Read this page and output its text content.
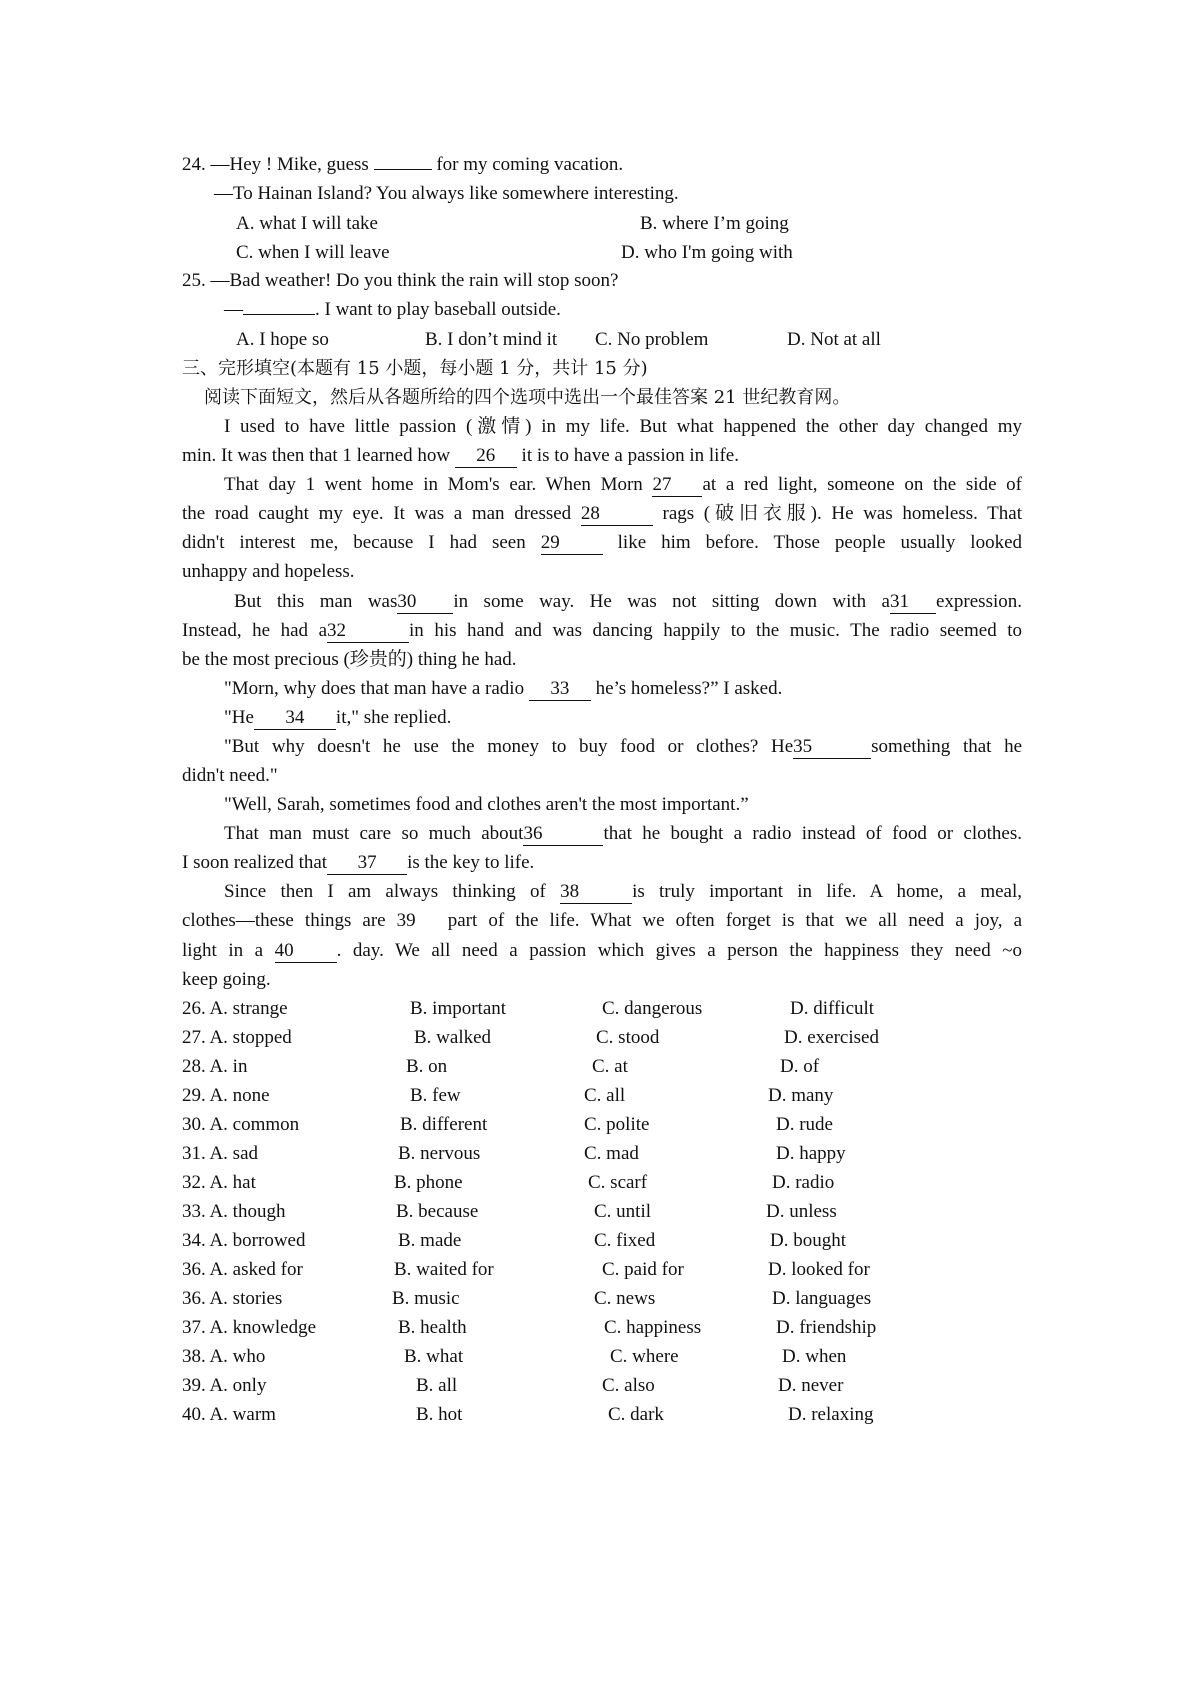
24. —Hey ! Mike, guess	for my coming vacation.
—To Hainan Island? You always like somewhere interesting.
A. what I will take	B. where I’m going
C. when I will leave	D. who I'm going with
25. —Bad weather! Do you think the rain will stop soon?
—	. I want to play baseball outside.
A. I hope so	B. I don’t mind it C. No problem	D. Not at all
三、完形填空(本题有 15 小题，每小题 1 分，共计 15 分)
阅读下面短文，然后从各题所给的四个选项中选出一个最佳答案 21 世纪教育网。
I used to have little passion (激情) in my life. But what happened the other day changed my
min. It was then that 1 learned how 26 it is to have a passion in life.
That day 1 went home in Mom's ear. When Morn 27 at a red light, someone on the side of
the road caught my eye. It was a man dressed 28	rags (破旧衣服). He was homeless. That
didn't interest me, because I had seen 29 like him before. Those people usually looked
unhappy and hopeless.
But this man was30 in some way. He was not sitting down with a31 expression.
Instead, he had a32	in his hand and was dancing happily to the music. The radio seemed to
be the most precious (珍贵的) thing he had.
"Morn, why does that man have a radio 33 he’s homeless?” I asked.
"He 34 it," she replied.
"But why doesn't he use the money to buy food or clothes? He35	something that he
didn't need."
"Well, Sarah, sometimes food and clothes aren't the most important.”
That man must care so much about36	that he bought a radio instead of food or clothes.
I soon realized that 37 is the key to life.
Since then I am always thinking of 38	is truly important in life. A home, a meal,
clothes—these things are 39 part of the life. What we often forget is that we all need a joy, a
light in a 40 . day. We all need a passion which gives a person the happiness they need ~o
keep going.
26. A. strange	B. important	C. dangerous	D. difficult
27. A. stopped	B. walked	C. stood	D. exercised
28. A. in	B. on	C. at	D. of
29. A. none	B. few	C. all	D. many
30. A. common	B. different	C. polite	D. rude
31. A. sad	B. nervous	C. mad	D. happy
32. A. hat	B. phone	C. scarf	D. radio
33. A. though	B. because	C. until	D. unless
34. A. borrowed	B. made	C. fixed	D. bought
36. A. asked for	B. waited for	C. paid for	D. looked for
36. A. stories	B. music	C. news	D. languages
37. A. knowledge	B. health	C. happiness	D. friendship
38. A. who	B. what	C. where	D. when
39. A. only	B. all	C. also	D. never
40. A. warm	B. hot	C. dark	D. relaxing
